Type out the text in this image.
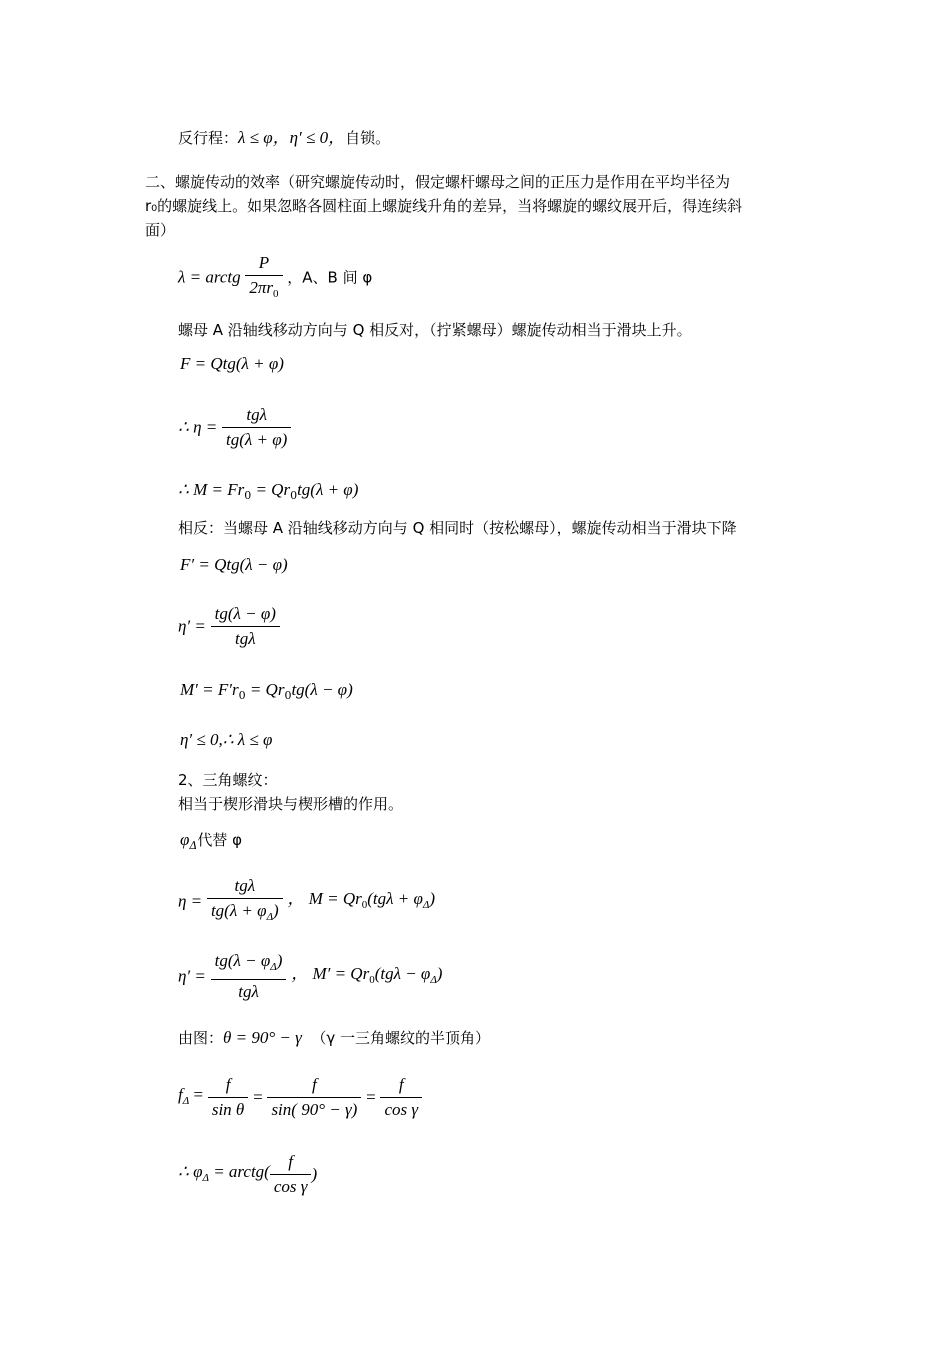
反行程：λ ≤ φ，η′ ≤ 0，自锁。
二、螺旋传动的效率（研究螺旋传动时，假定螺杆螺母之间的正压力是作用在平均半径为
r₀的螺旋线上。如果忽略各圆柱面上螺旋线升角的差异，当将螺旋的螺纹展开后，得连续斜
面）
λ = arctg $\frac{P}{2\pi r_0}$ ，A、B 间 φ
螺母 A 沿轴线移动方向与 Q 相反对，（拧紧螺母）螺旋传动相当于滑块上升。
F = Qtg(λ + φ)
∴ $\eta = \frac{\text{tgλ}}{tg(\lambda + \varphi)}$
∴ $M = Fr_0 = Qr_0tg(\lambda + \varphi)$
相反：当螺母 A 沿轴线移动方向与 Q 相同时（按松螺母），螺旋传动相当于滑块下降
F′ = Qtg(λ − φ)
$\eta' = \frac{tg(\lambda - \varphi)}{\text{tgλ}}$
$M' = F'r_0 = Qr_0tg(\lambda - \varphi)$
η′ ≤ 0,∴ λ ≤ φ
2、三角螺纹：
相当于楔形滑块与楔形槽的作用。
$\varphi_\Delta$代替 φ
$\eta = \frac{\text{tgλ}}{tg(\lambda + \varphi_\Delta)}$ ， $M = Qr_0(tg\lambda + \varphi_\Delta)$
$\eta' = \frac{tg(\lambda - \varphi_\Delta)}{\text{tgλ}}$ ， $M' = Qr_0(tg\lambda - \varphi_\Delta)$
由图：θ = 90° − γ （γ 一三角螺纹的半顶角）
$f_\Delta = \frac{f}{\text{sin θ}} = \frac{f}{\sin( 90^\circ - \gamma)} = \frac{f}{\text{cos γ}}$
∴ $\varphi_\Delta$ = arctg( $\frac{f}{\text{cos γ}}$ )
